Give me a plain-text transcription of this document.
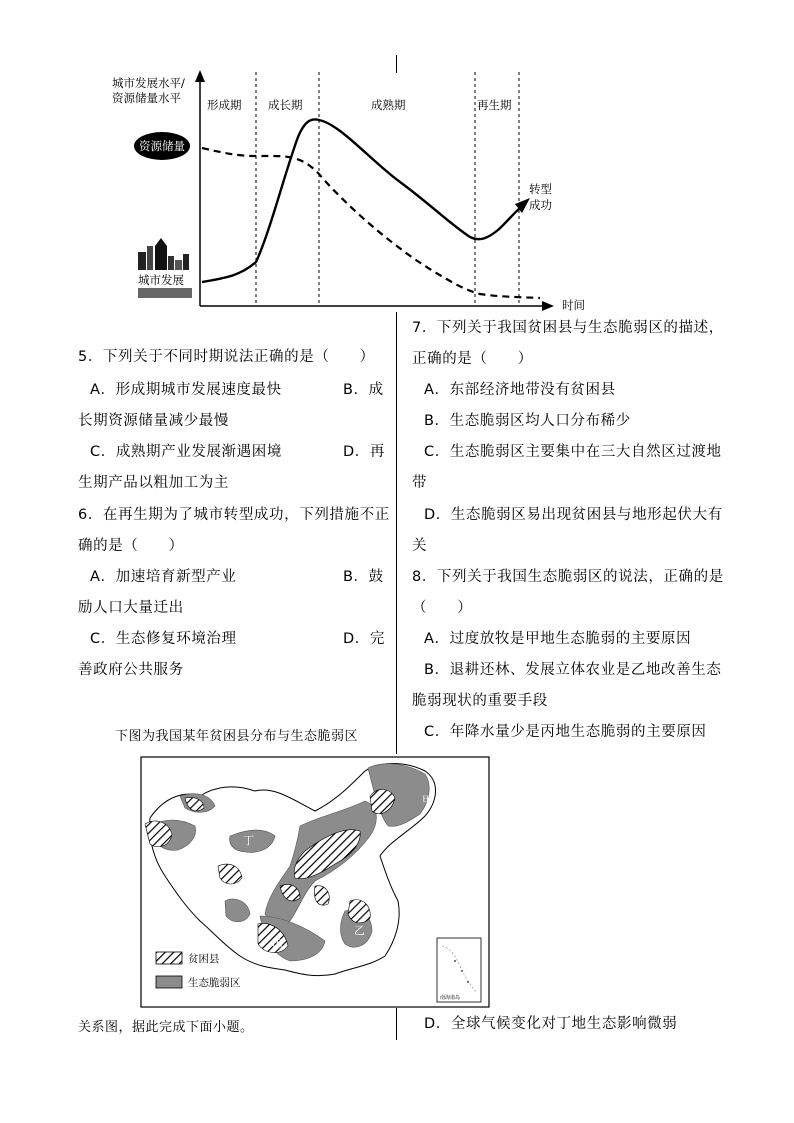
城市发展水平/
资源储量水平
时间
形成期 成长期	成熟期	再生期
转型
成功
资源储量
城市发展
5．下列关于不同时期说法正确的是（　　）
A．形成期城市发展速度最快	B．成
长期资源储量减少最慢
C．成熟期产业发展渐遇困境	D．再
生期产品以粗加工为主
6．在再生期为了城市转型成功，下列措施不正
确的是（　　）
A．加速培育新型产业	B．鼓
励人口大量迁出
C．生态修复环境治理	D．完
善政府公共服务
下图为我国某年贫困县分布与生态脆弱区
7．下列关于我国贫困县与生态脆弱区的描述，
正确的是（　　）
A．东部经济地带没有贫困县
B．生态脆弱区均人口分布稀少
C．生态脆弱区主要集中在三大自然区过渡地
带
D．生态脆弱区易出现贫困县与地形起伏大有
关
8．下列关于我国生态脆弱区的说法，正确的是
（　　）
A．过度放牧是甲地生态脆弱的主要原因
B．退耕还林、发展立体农业是乙地改善生态
脆弱现状的重要手段
C．年降水量少是丙地生态脆弱的主要原因
D．全球气候变化对丁地生态影响微弱
甲
丁
乙
丙
贫困县
生态脆弱区
南海诸岛
关系图，据此完成下面小题。
